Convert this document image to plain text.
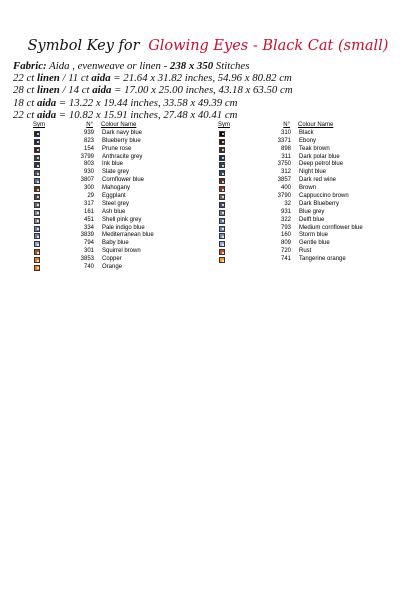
Symbol Key for Glowing Eyes - Black Cat (small)
Fabric: Aida , evenweave or linen - 238 x 350 Stitches
22 ct linen / 11 ct aida = 21.64 x 31.82 inches, 54.96 x 80.82 cm
28 ct linen / 14 ct aida = 17.00 x 25.00 inches, 43.18 x 63.50 cm
18 ct aida = 13.22 x 19.44 inches, 33.58 x 49.39 cm
22 ct aida = 10.82 x 15.91 inches, 27.48 x 40.41 cm
Sym	N°	Colour Name
939	Dark navy blue
823	Blueberry blue
154	Prune rose
3799	Anthracite grey
803	Ink blue
930	Slate grey
3807	Cornflower blue
300	Mahogany
29	Eggplant
317	Steel grey
161	Ash blue
451	Shell pink grey
334	Pale indigo blue
3839	Mediterranean blue
794	Baby blue
301	Squirrel brown
3853	Copper
740	Orange
Sym	N°	Colour Name
310	Black
3371	Ebony
898	Teak brown
311	Dark polar blue
3750	Deep petrol blue
312	Night blue
3857	Dark red wine
400	Brown
3790	Cappuccino brown
32	Dark Blueberry
931	Blue grey
322	Delft blue
793	Medium cornflower blue
160	Storm blue
809	Gentle blue
720	Rust
741	Tangerine orange
